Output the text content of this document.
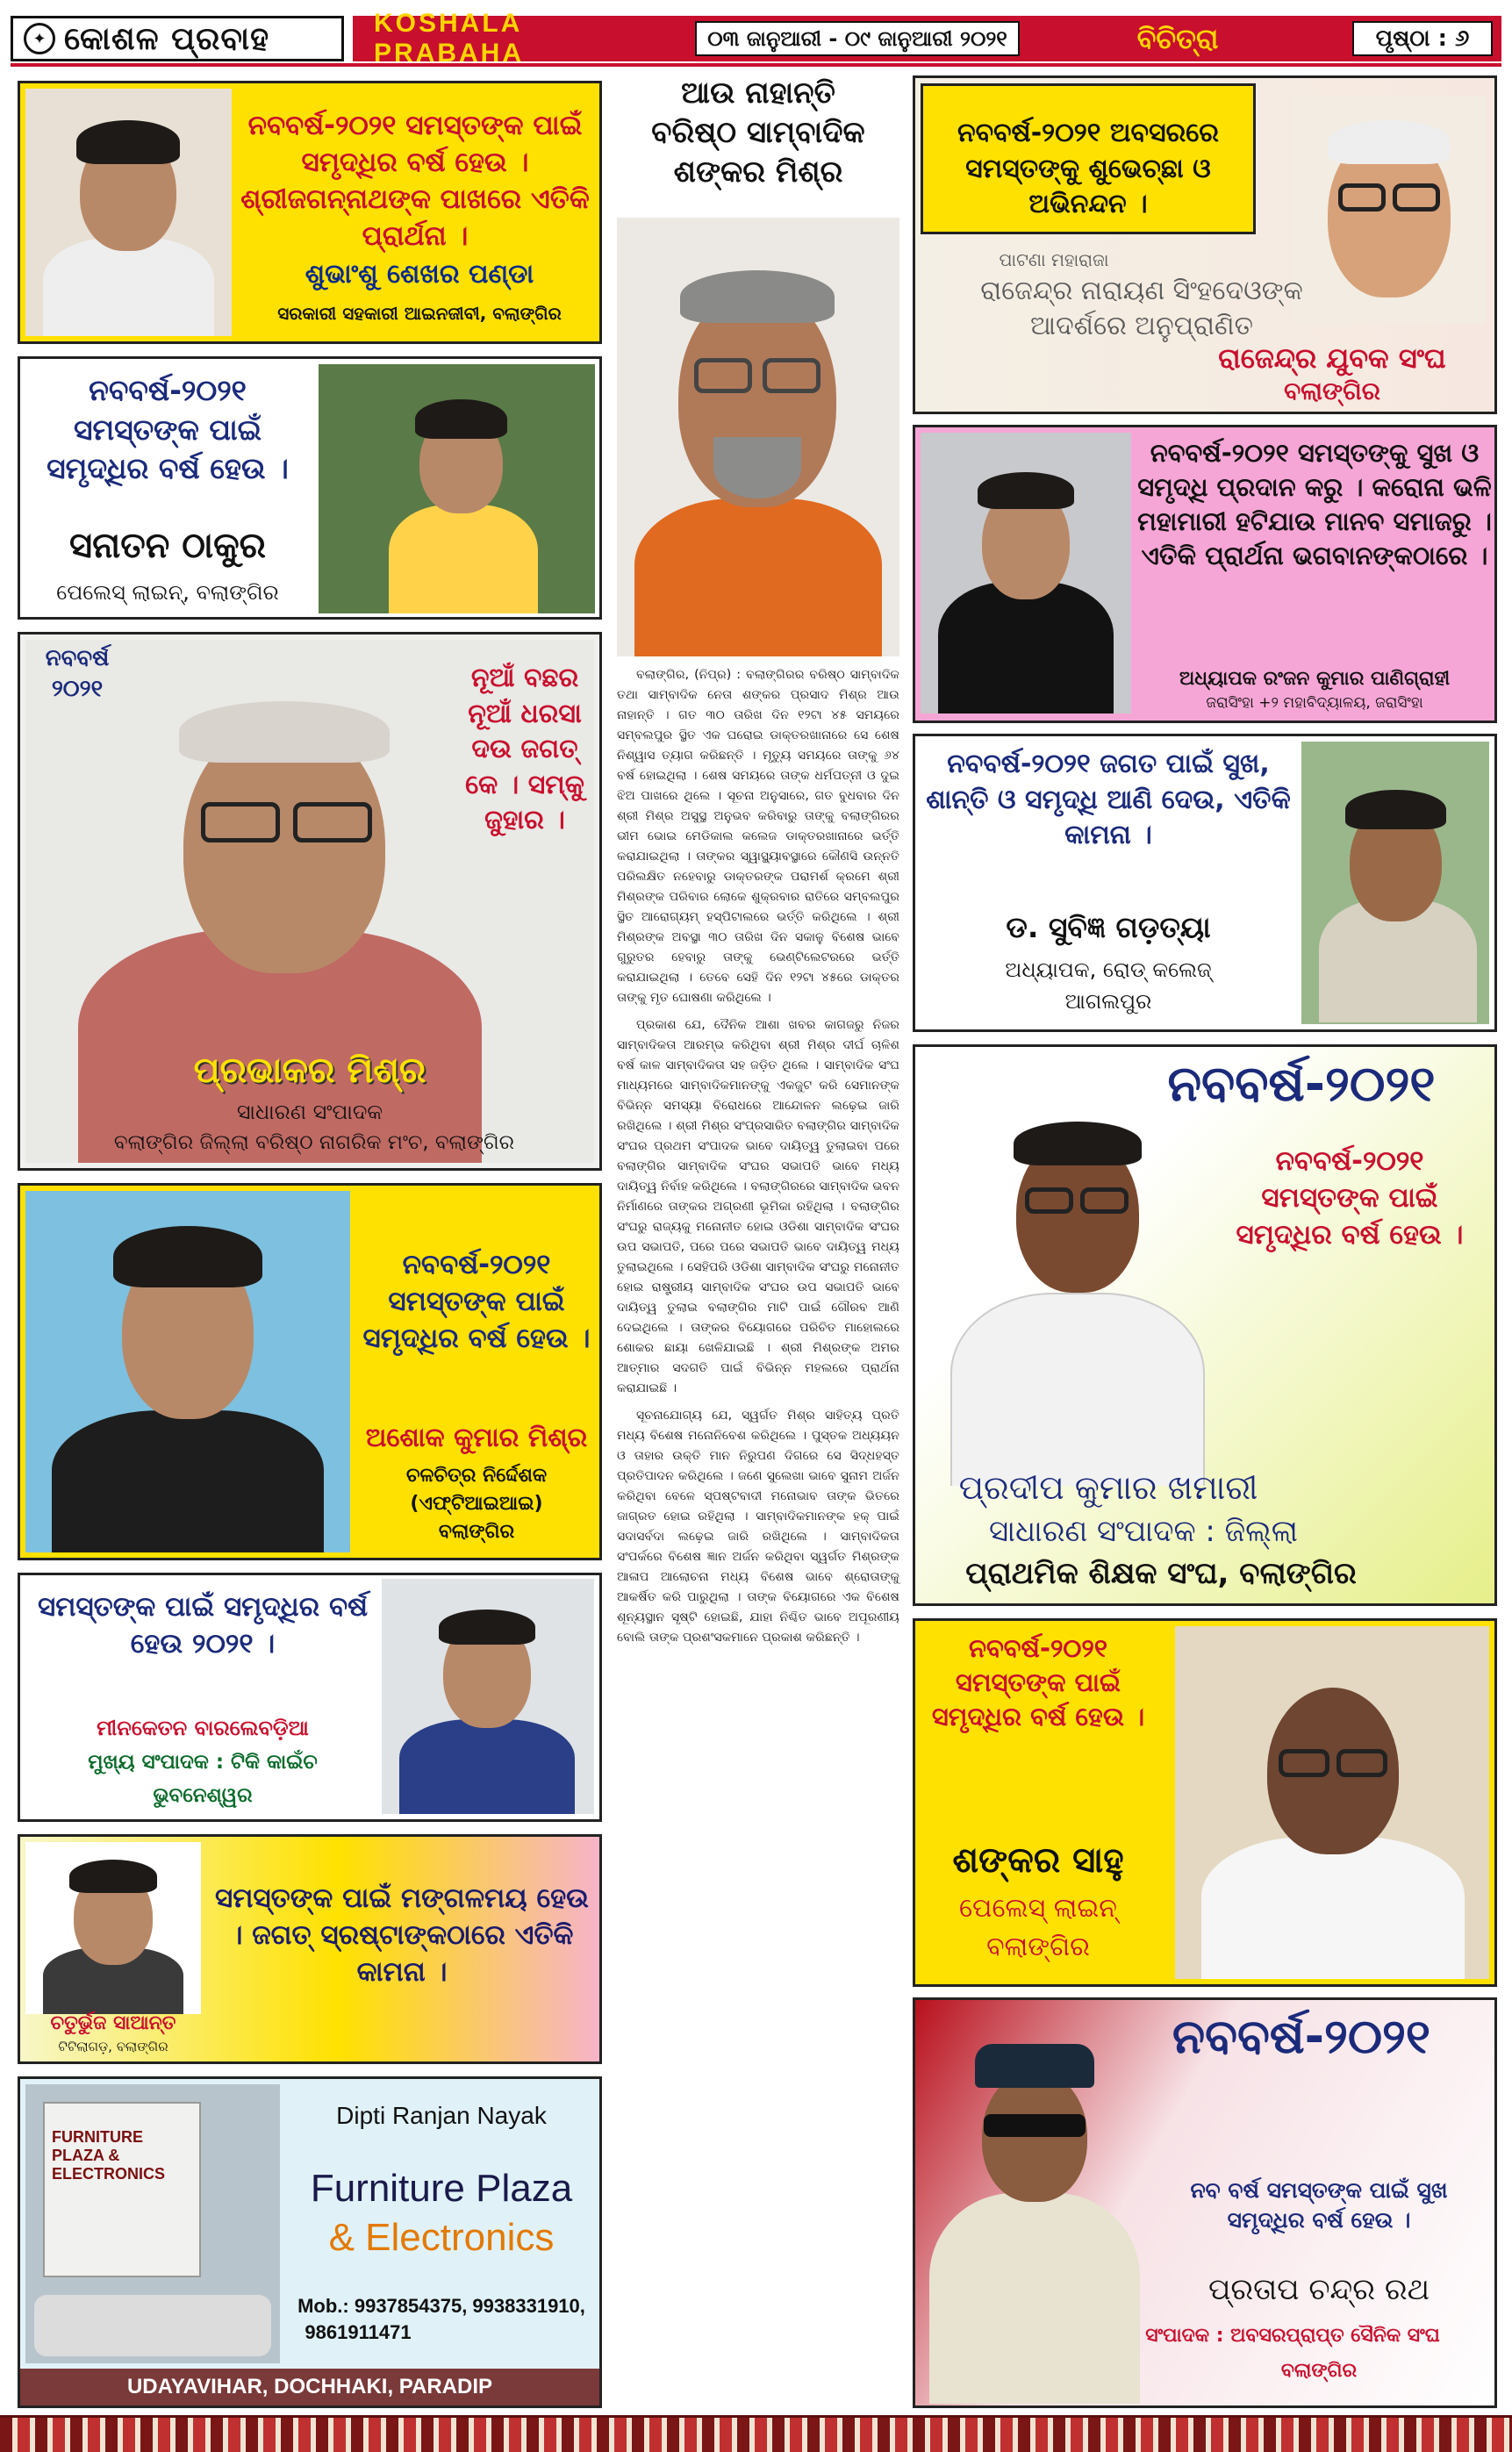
✦ କୋଶଳ ପ୍ରବାହ	KOSHALA PRABAHA	୦୩ ଜାନୁଆରୀ - ୦୯ ଜାନୁଆରୀ ୨୦୨୧	ବିଚିତ୍ରା	ପୃଷ୍ଠା : ୬
ନବବର୍ଷ-୨୦୨୧ ସମସ୍ତଙ୍କ ପାଇଁ ସମୃଦ୍ଧିର ବର୍ଷ ହେଉ । ଶ୍ରୀଜଗନ୍ନାଥଙ୍କ ପାଖରେ ଏତିକି ପ୍ରାର୍ଥନା ।
ଶୁଭାଂଶୁ ଶେଖର ପଣ୍ଡା
ସରକାରୀ ସହକାରୀ ଆଇନଜୀବୀ, ବଲାଙ୍ଗିର
ନବବର୍ଷ-୨୦୨୧ ସମସ୍ତଙ୍କ ପାଇଁ ସମୃଦ୍ଧିର ବର୍ଷ ହେଉ ।
ସନାତନ ଠାକୁର
ପେଲେସ୍ ଲାଇନ୍, ବଲାଙ୍ଗିର
ନବବର୍ଷ ୨୦୨୧	ନୂଆଁ ବଛର ନୂଆଁ ଧରସା ଦଉ ଜଗତ୍ କେ । ସମ୍କୁ ଜୁହାର ।
ପ୍ରଭାକର ମିଶ୍ର
ସାଧାରଣ ସଂପାଦକ
ବଲାଙ୍ଗିର ଜିଲ୍ଲା ବରିଷ୍ଠ ନାଗରିକ ମଂଚ, ବଲାଙ୍ଗିର
ନବବର୍ଷ-୨୦୨୧ ସମସ୍ତଙ୍କ ପାଇଁ ସମୃଦ୍ଧିର ବର୍ଷ ହେଉ ।
ଅଶୋକ କୁମାର ମିଶ୍ର
ଚଳଚିତ୍ର ନିର୍ଦ୍ଦେଶକ
(ଏଫ୍ଟିଆଇଆଇ)
ବଲାଙ୍ଗିର
ସମସ୍ତଙ୍କ ପାଇଁ ସମୃଦ୍ଧିର ବର୍ଷ ହେଉ ୨୦୨୧ ।
ମୀନକେତନ ବାରଲେବଡ଼ିଆ
ମୁଖ୍ୟ ସଂପାଦକ : ଟିକି କାଇଁଚ
ଭୁବନେଶ୍ୱର
ସମସ୍ତଙ୍କ ପାଇଁ ମଙ୍ଗଳମୟ ହେଉ । ଜଗତ୍ ସ୍ରଷ୍ଟାଙ୍କଠାରେ ଏତିକି କାମନା ।
ଚତୁର୍ଭୁଜ ସାଆନ୍ତ
ଟିଟିଲାଗଡ଼, ବଲାଙ୍ଗିର
FURNITURE PLAZA & ELECTRONICS
Dipti Ranjan Nayak
Furniture Plaza
& Electronics
Mob.: 9937854375, 9938331910,
9861911471
UDAYAVIHAR, DOCHHAKI, PARADIP
ଆଉ ନାହାନ୍ତି
ବରିଷ୍ଠ ସାମ୍ବାଦିକ
ଶଙ୍କର ମିଶ୍ର

ବଲାଙ୍ଗିର, (ନିପ୍ର) : ବଲାଙ୍ଗିରର ବରିଷ୍ଠ ସାମ୍ବାଦିକ ତଥା ସାମ୍ବାଦିକ ନେତା ଶଙ୍କର ପ୍ରସାଦ ମିଶ୍ର ଆଉ ନାହାନ୍ତି । ଗତ ୩୦ ତାରିଖ ଦିନ ୧୨ଟା ୪୫ ସମୟରେ ସମ୍ବଲପୁର ସ୍ଥିତ ଏକ ଘରୋଇ ଡାକ୍ତରଖାନାରେ ସେ ଶେଷ ନିଶ୍ୱାସ ତ୍ୟାଗ କରିଛନ୍ତି । ମୃତ୍ୟୁ ସମୟରେ ତାଙ୍କୁ ୬୪ ବର୍ଷ ହୋଇଥିଲା । ଶେଷ ସମୟରେ ତାଙ୍କ ଧର୍ମପତ୍ନୀ ଓ ଦୁଇ ଝିଅ ପାଖରେ ଥିଲେ । ସୂଚନା ଅନୁସାରେ, ଗତ ବୁଧବାର ଦିନ ଶ୍ରୀ ମିଶ୍ର ଅସୁସ୍ଥ ଅନୁଭବ କରିବାରୁ ତାଙ୍କୁ ବଲାଙ୍ଗିରର ଭୀମ ଭୋଇ ମେଡିକାଲ କଲେଜ ଡାକ୍ତରଖାନାରେ ଭର୍ତ୍ତି କରାଯାଇଥିଲା । ତାଙ୍କର ସ୍ୱାସ୍ଥ୍ୟାବସ୍ଥାରେ କୌଣସି ଉନ୍ନତି ପରିଲକ୍ଷିତ ନହେବାରୁ ଡାକ୍ତରଙ୍କ ପରାମର୍ଶ କ୍ରମେ ଶ୍ରୀ ମିଶ୍ରଙ୍କ ପରିବାର ଲୋକେ ଶୁକ୍ରବାର ରାତିରେ ସମ୍ବଲପୁର ସ୍ଥିତ ଆରୋଗ୍ୟମ୍ ହସ୍ପିଟାଲରେ ଭର୍ତ୍ତି କରିଥିଲେ । ଶ୍ରୀ ମିଶ୍ରଙ୍କ ଅବସ୍ଥା ୩୦ ତାରିଖ ଦିନ ସକାଳୁ ବିଶେଷ ଭାବେ ଗୁରୁତର ହେବାରୁ ତାଙ୍କୁ ଭେଣ୍ଟିଲେଟରରେ ଭର୍ତ୍ତି କରାଯାଇଥିଲା । ତେବେ ସେହି ଦିନ ୧୨ଟା ୪୫ରେ ଡାକ୍ତର ତାଙ୍କୁ ମୃତ ଘୋଷଣା କରିଥିଲେ ।

ପ୍ରକାଶ ଯେ, ଦୈନିକ ଆଶା ଖବର କାଗଜରୁ ନିଜର ସାମ୍ବାଦିକତା ଆରମ୍ଭ କରିଥିବା ଶ୍ରୀ ମିଶ୍ର ଦୀର୍ଘ ଚାଳିଶ ବର୍ଷ କାଳ ସାମ୍ବାଦିକତା ସହ ଜଡ଼ିତ ଥିଲେ । ସାମ୍ବାଦିକ ସଂଘ ମାଧ୍ୟମରେ ସାମ୍ବାଦିକମାନଙ୍କୁ ଏକଜୁଟ କରି ସେମାନଙ୍କ ବିଭିନ୍ନ ସମସ୍ୟା ବିରୋଧରେ ଆନ୍ଦୋଳନ ଲଢ଼େଇ ଜାରି ରଖିଥିଲେ । ଶ୍ରୀ ମିଶ୍ର ସଂପ୍ରସାରିତ ବଲାଙ୍ଗିର ସାମ୍ବାଦିକ ସଂଘର ପ୍ରଥମ ସଂପାଦକ ଭାବେ ଦାୟିତ୍ୱ ତୁଲାଇବା ପରେ ବଲାଙ୍ଗିର ସାମ୍ବାଦିକ ସଂଘର ସଭାପତି ଭାବେ ମଧ୍ୟ ଦାୟିତ୍ୱ ନିର୍ବାହ କରିଥିଲେ । ବଲାଙ୍ଗିରରେ ସାମ୍ବାଦିକ ଭବନ ନିର୍ମାଣରେ ତାଙ୍କର ଅଗ୍ରଣୀ ଭୂମିକା ରହିଥିଲା । ବଲାଙ୍ଗିର ସଂଘରୁ ରାଜ୍ୟକୁ ମନୋନୀତ ହୋଇ ଓଡିଶା ସାମ୍ବାଦିକ ସଂଘର ଉପ ସଭାପତି, ପରେ ପରେ ସଭାପତି ଭାବେ ଦାୟିତ୍ୱ ମଧ୍ୟ ତୁଲାଇଥିଲେ । ସେହିପରି ଓଡିଶା ସାମ୍ବାଦିକ ସଂଘରୁ ମନୋନୀତ ହୋଇ ରାଷ୍ଟ୍ରୀୟ ସାମ୍ବାଦିକ ସଂଘର ଉପ ସଭାପତି ଭାବେ ଦାୟିତ୍ୱ ତୁଲାଇ ବଲାଙ୍ଗିର ମାଟି ପାଇଁ ଗୌରବ ଆଣି ଦେଇଥିଲେ । ତାଙ୍କର ବିୟୋଗରେ ପରିଚିତ ମାହୋଲରେ ଶୋକର ଛାୟା ଖେଳିଯାଇଛି । ଶ୍ରୀ ମିଶ୍ରଙ୍କ ଅମର ଆତ୍ମାର ସଦଗତି ପାଇଁ ବିଭିନ୍ନ ମହଲରେ ପ୍ରାର୍ଥନା କରାଯାଇଛି ।

ସୂଚନାଯୋଗ୍ୟ ଯେ, ସ୍ୱର୍ଗତ ମିଶ୍ର ସାହିତ୍ୟ ପ୍ରତି ମଧ୍ୟ ବିଶେଷ ମନୋନିବେଶ କରିଥିଲେ । ପୁସ୍ତକ ଅଧ୍ୟୟନ ଓ ତାହାର ଉକ୍ତି ମାନ ନିରୁପଣ ଦିଗରେ ସେ ସିଦ୍ଧହସ୍ତ ପ୍ରତିପାଦନ କରିଥିଲେ । ଜଣେ ସୁଲେଖା ଭାବେ ସୁନାମ ଅର୍ଜନ କରିଥିବା ବେଳେ ସ୍ପଷ୍ଟବାଦୀ ମନୋଭାବ ତାଙ୍କ ଭିତରେ ଜାଗ୍ରତ ହୋଇ ରହିଥିଲା । ସାମ୍ବାଦିକମାନଙ୍କ ହକ୍ ପାଇଁ ସଦାସର୍ବଦା ଲଢ଼େଇ ଜାରି ରଖିଥିଲେ । ସାମ୍ବାଦିକତା ସଂପର୍କରେ ବିଶେଷ ଜ୍ଞାନ ଅର୍ଜନ କରିଥିବା ସ୍ୱର୍ଗତ ମିଶ୍ରଙ୍କ ଆଳାପ ଆଲୋଚନା ମଧ୍ୟ ବିଶେଷ ଭାବେ ଶ୍ରୋତାଙ୍କୁ ଆକର୍ଷିତ କରି ପାରୁଥିଲା । ତାଙ୍କ ବିୟୋଗରେ ଏକ ବିଶେଷ ଶୂନ୍ୟସ୍ଥାନ ସୃଷ୍ଟି ହୋଇଛି, ଯାହା ନିଶ୍ଚିତ ଭାବେ ଅପୂରଣୀୟ ବୋଲି ତାଙ୍କ ପ୍ରଶଂସକମାନେ ପ୍ରକାଶ କରିଛନ୍ତି ।

ନବବର୍ଷ-୨୦୨୧ ଅବସରରେ ସମସ୍ତଙ୍କୁ ଶୁଭେଚ୍ଛା ଓ ଅଭିନନ୍ଦନ ।
ପାଟଣା ମହାରାଜା
ରାଜେନ୍ଦ୍ର ନାରାୟଣ ସିଂହଦେଓଙ୍କ
ଆଦର୍ଶରେ ଅନୁପ୍ରାଣିତ
ରାଜେନ୍ଦ୍ର ଯୁବକ ସଂଘ
ବଲାଙ୍ଗିର
ନବବର୍ଷ-୨୦୨୧ ସମସ୍ତଙ୍କୁ ସୁଖ ଓ ସମୃଦ୍ଧି ପ୍ରଦାନ କରୁ । କରୋନା ଭଳି ମହାମାରୀ ହଟିଯାଉ ମାନବ ସମାଜରୁ । ଏତିକି ପ୍ରାର୍ଥନା ଭଗବାନଙ୍କଠାରେ ।
ଅଧ୍ୟାପକ ରଂଜନ କୁମାର ପାଣିଗ୍ରାହୀ
ଜରାସିଂହା +୨ ମହାବିଦ୍ୟାଳୟ, ଜରାସିଂହା
ନବବର୍ଷ-୨୦୨୧ ଜଗତ ପାଇଁ ସୁଖ, ଶାନ୍ତି ଓ ସମୃଦ୍ଧି ଆଣି ଦେଉ, ଏତିକି କାମନା ।
ଡ. ସୁବିଜ୍ଞ ଗଡ଼ତ୍ୟା
ଅଧ୍ୟାପକ, ରୋଡ୍ କଲେଜ୍
ଆଗଲପୁର
ନବବର୍ଷ-୨୦୨୧
ନବବର୍ଷ-୨୦୨୧ ସମସ୍ତଙ୍କ ପାଇଁ ସମୃଦ୍ଧିର ବର୍ଷ ହେଉ ।
ପ୍ରଦୀପ କୁମାର ଖମାରୀ
ସାଧାରଣ ସଂପାଦକ : ଜିଲ୍ଲା
ପ୍ରାଥମିକ ଶିକ୍ଷକ ସଂଘ, ବଲାଙ୍ଗିର
ନବବର୍ଷ-୨୦୨୧ ସମସ୍ତଙ୍କ ପାଇଁ ସମୃଦ୍ଧିର ବର୍ଷ ହେଉ ।
ଶଙ୍କର ସାହୁ
ପେଲେସ୍ ଲାଇନ୍
ବଲାଙ୍ଗିର
ନବବର୍ଷ-୨୦୨୧
ନବ ବର୍ଷ ସମସ୍ତଙ୍କ ପାଇଁ ସୁଖ ସମୃଦ୍ଧିର ବର୍ଷ ହେଉ ।
ପ୍ରତାପ ଚନ୍ଦ୍ର ରଥ
ସଂପାଦକ : ଅବସରପ୍ରାପ୍ତ ସୈନିକ ସଂଘ
ବଲାଙ୍ଗିର
